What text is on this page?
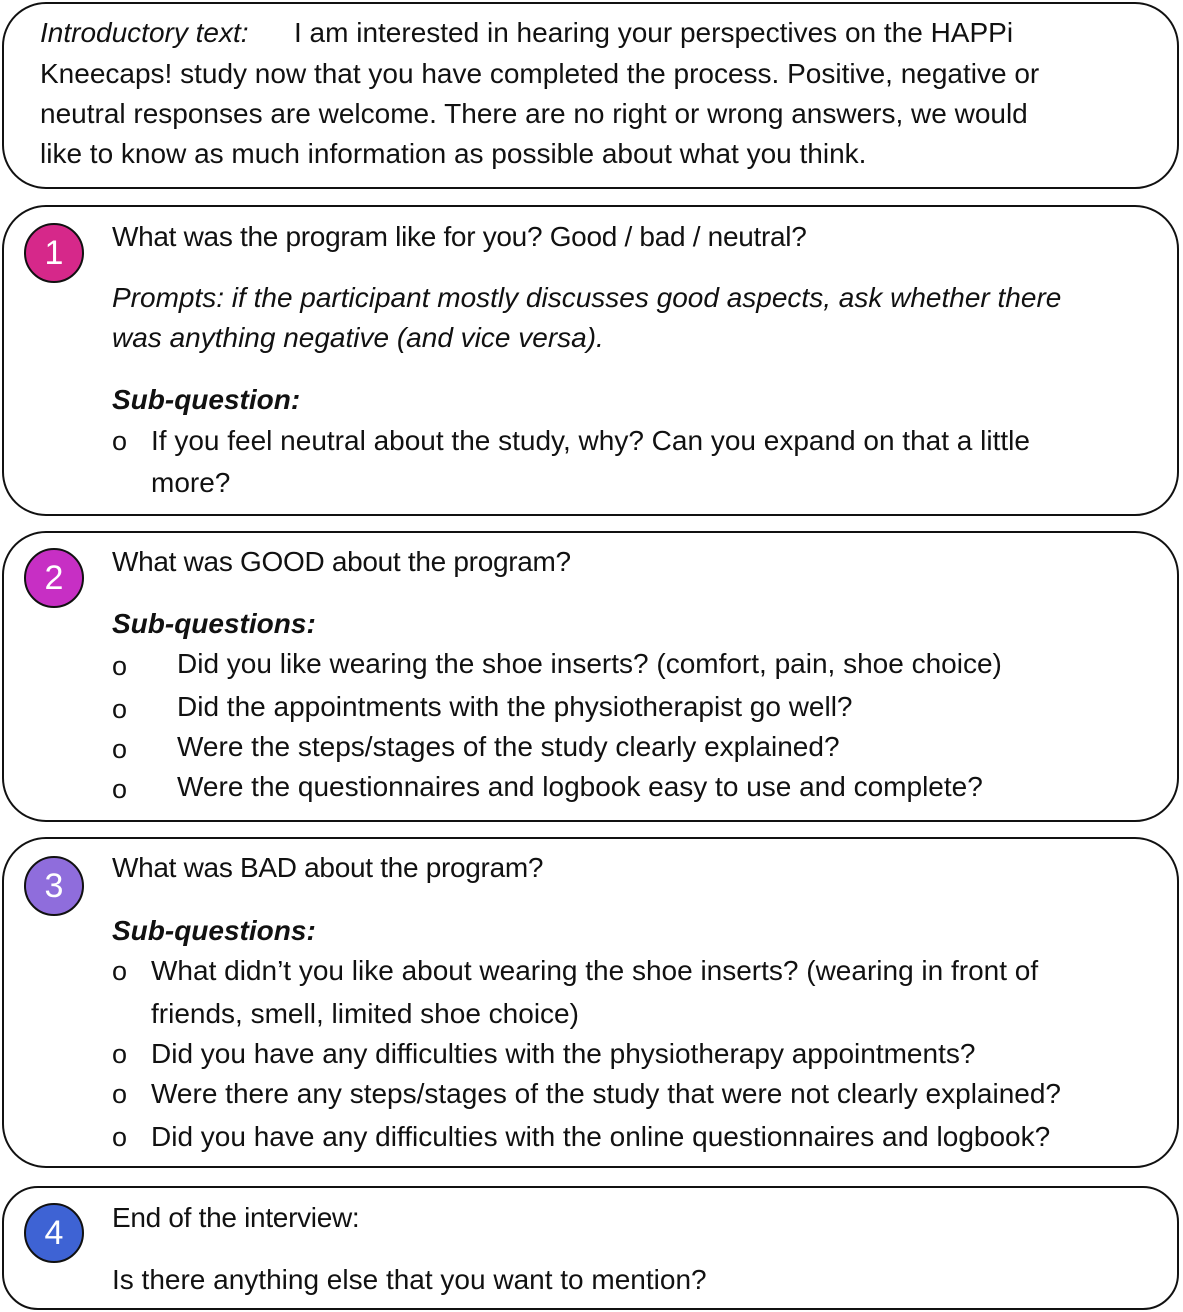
Introductory text: I am interested in hearing your perspectives on the HAPPi
Kneecaps! study now that you have completed the process. Positive, negative or
neutral responses are welcome. There are no right or wrong answers, we would
like to know as much information as possible about what you think.
1	What was the program like for you? Good / bad / neutral?
Prompts: if the participant mostly discusses good aspects, ask whether there
was anything negative (and vice versa).
Sub-question:
o If you feel neutral about the study, why? Can you expand on that a little
more?
2	What was GOOD about the program?
Sub-questions:
o Did you like wearing the shoe inserts? (comfort, pain, shoe choice)
o Did the appointments with the physiotherapist go well?
o Were the steps/stages of the study clearly explained?
o Were the questionnaires and logbook easy to use and complete?
3	What was BAD about the program?
Sub-questions:
o What didn’t you like about wearing the shoe inserts? (wearing in front of
friends, smell, limited shoe choice)
o Did you have any difficulties with the physiotherapy appointments?
o Were there any steps/stages of the study that were not clearly explained?
o Did you have any difficulties with the online questionnaires and logbook?
4	End of the interview:
Is there anything else that you want to mention?
